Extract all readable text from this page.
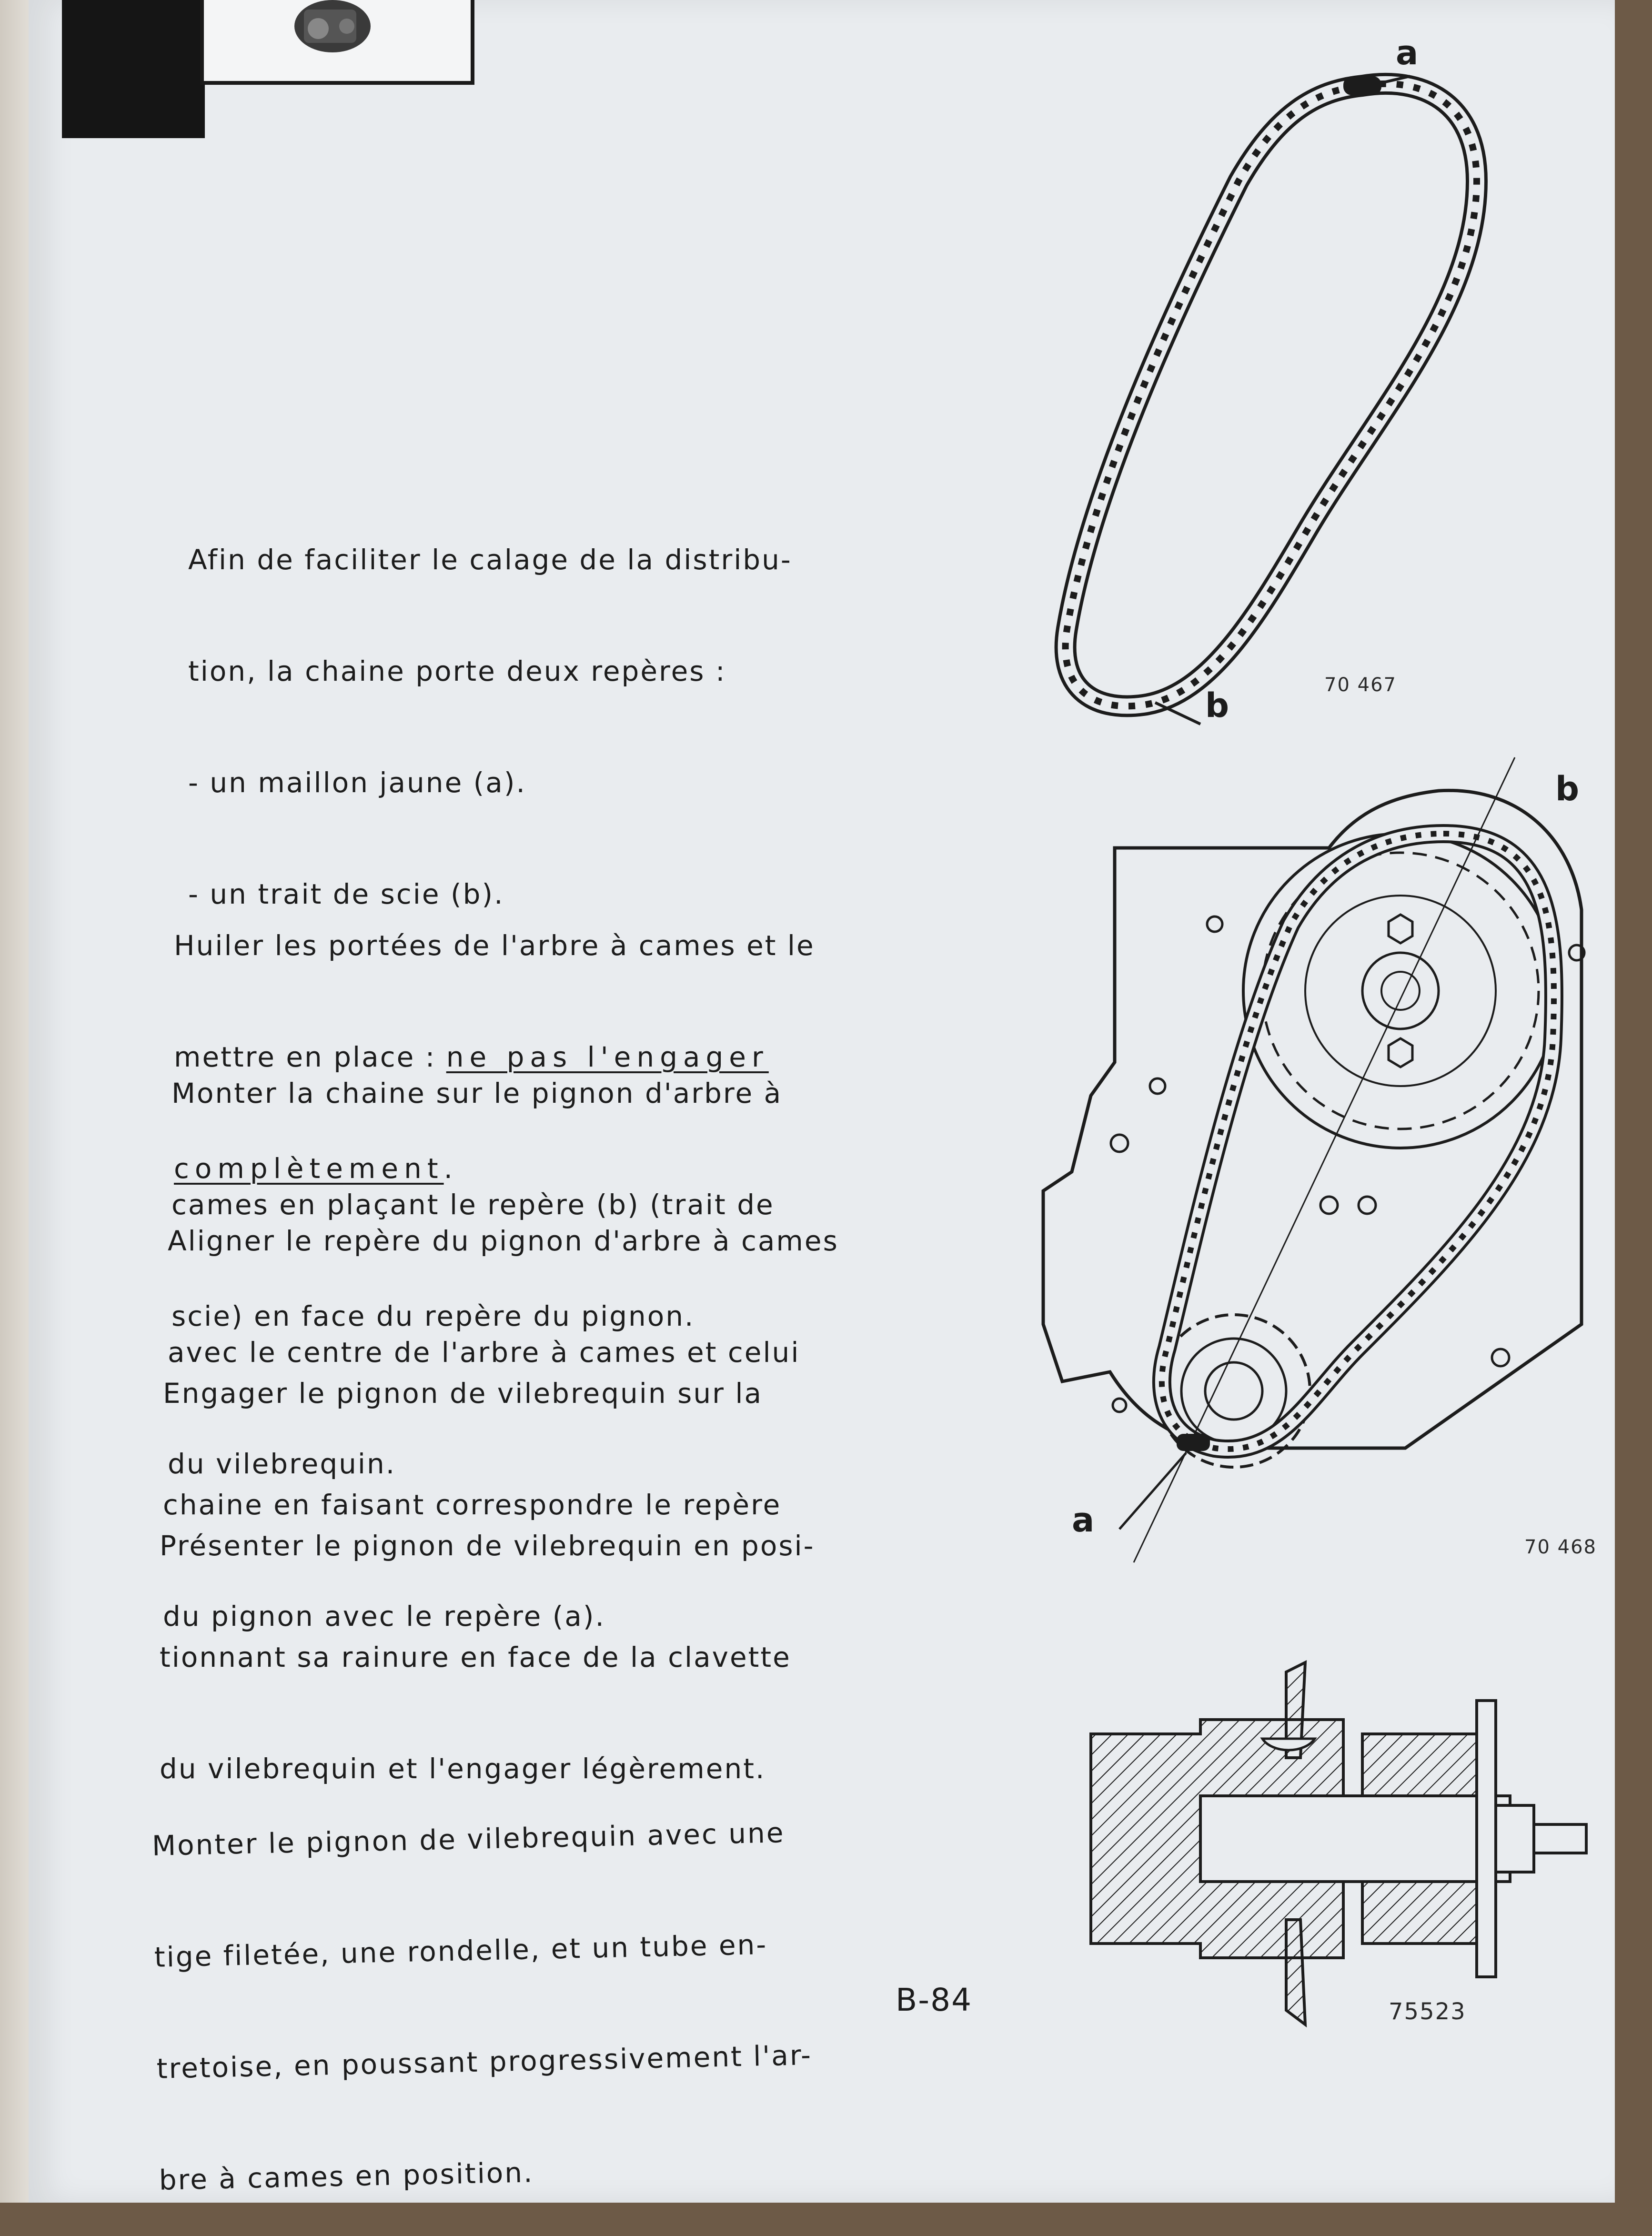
Afin de faciliter le calage de la distribu-

tion, la chaine porte deux repères :

- un maillon jaune (a).

- un trait de scie (b).

Huiler les portées de l'arbre à cames et le

mettre en place : ne pas l'engager

complètement.

Monter la chaine sur le pignon d'arbre à

cames en plaçant le repère (b) (trait de

scie) en face du repère du pignon.

Aligner le repère du pignon d'arbre à cames

avec le centre de l'arbre à cames et celui

du vilebrequin.

Engager le pignon de vilebrequin sur la

chaine en faisant correspondre le repère

du pignon avec le repère (a).

Présenter le pignon de vilebrequin en posi-

tionnant sa rainure en face de la clavette

du vilebrequin et l'engager légèrement.

Monter le pignon de vilebrequin avec une

tige filetée, une rondelle, et un tube en-

tretoise, en poussant progressivement l'ar-

bre à cames en position.

a
b
70 467
b
a
70 468
75523
B-84
